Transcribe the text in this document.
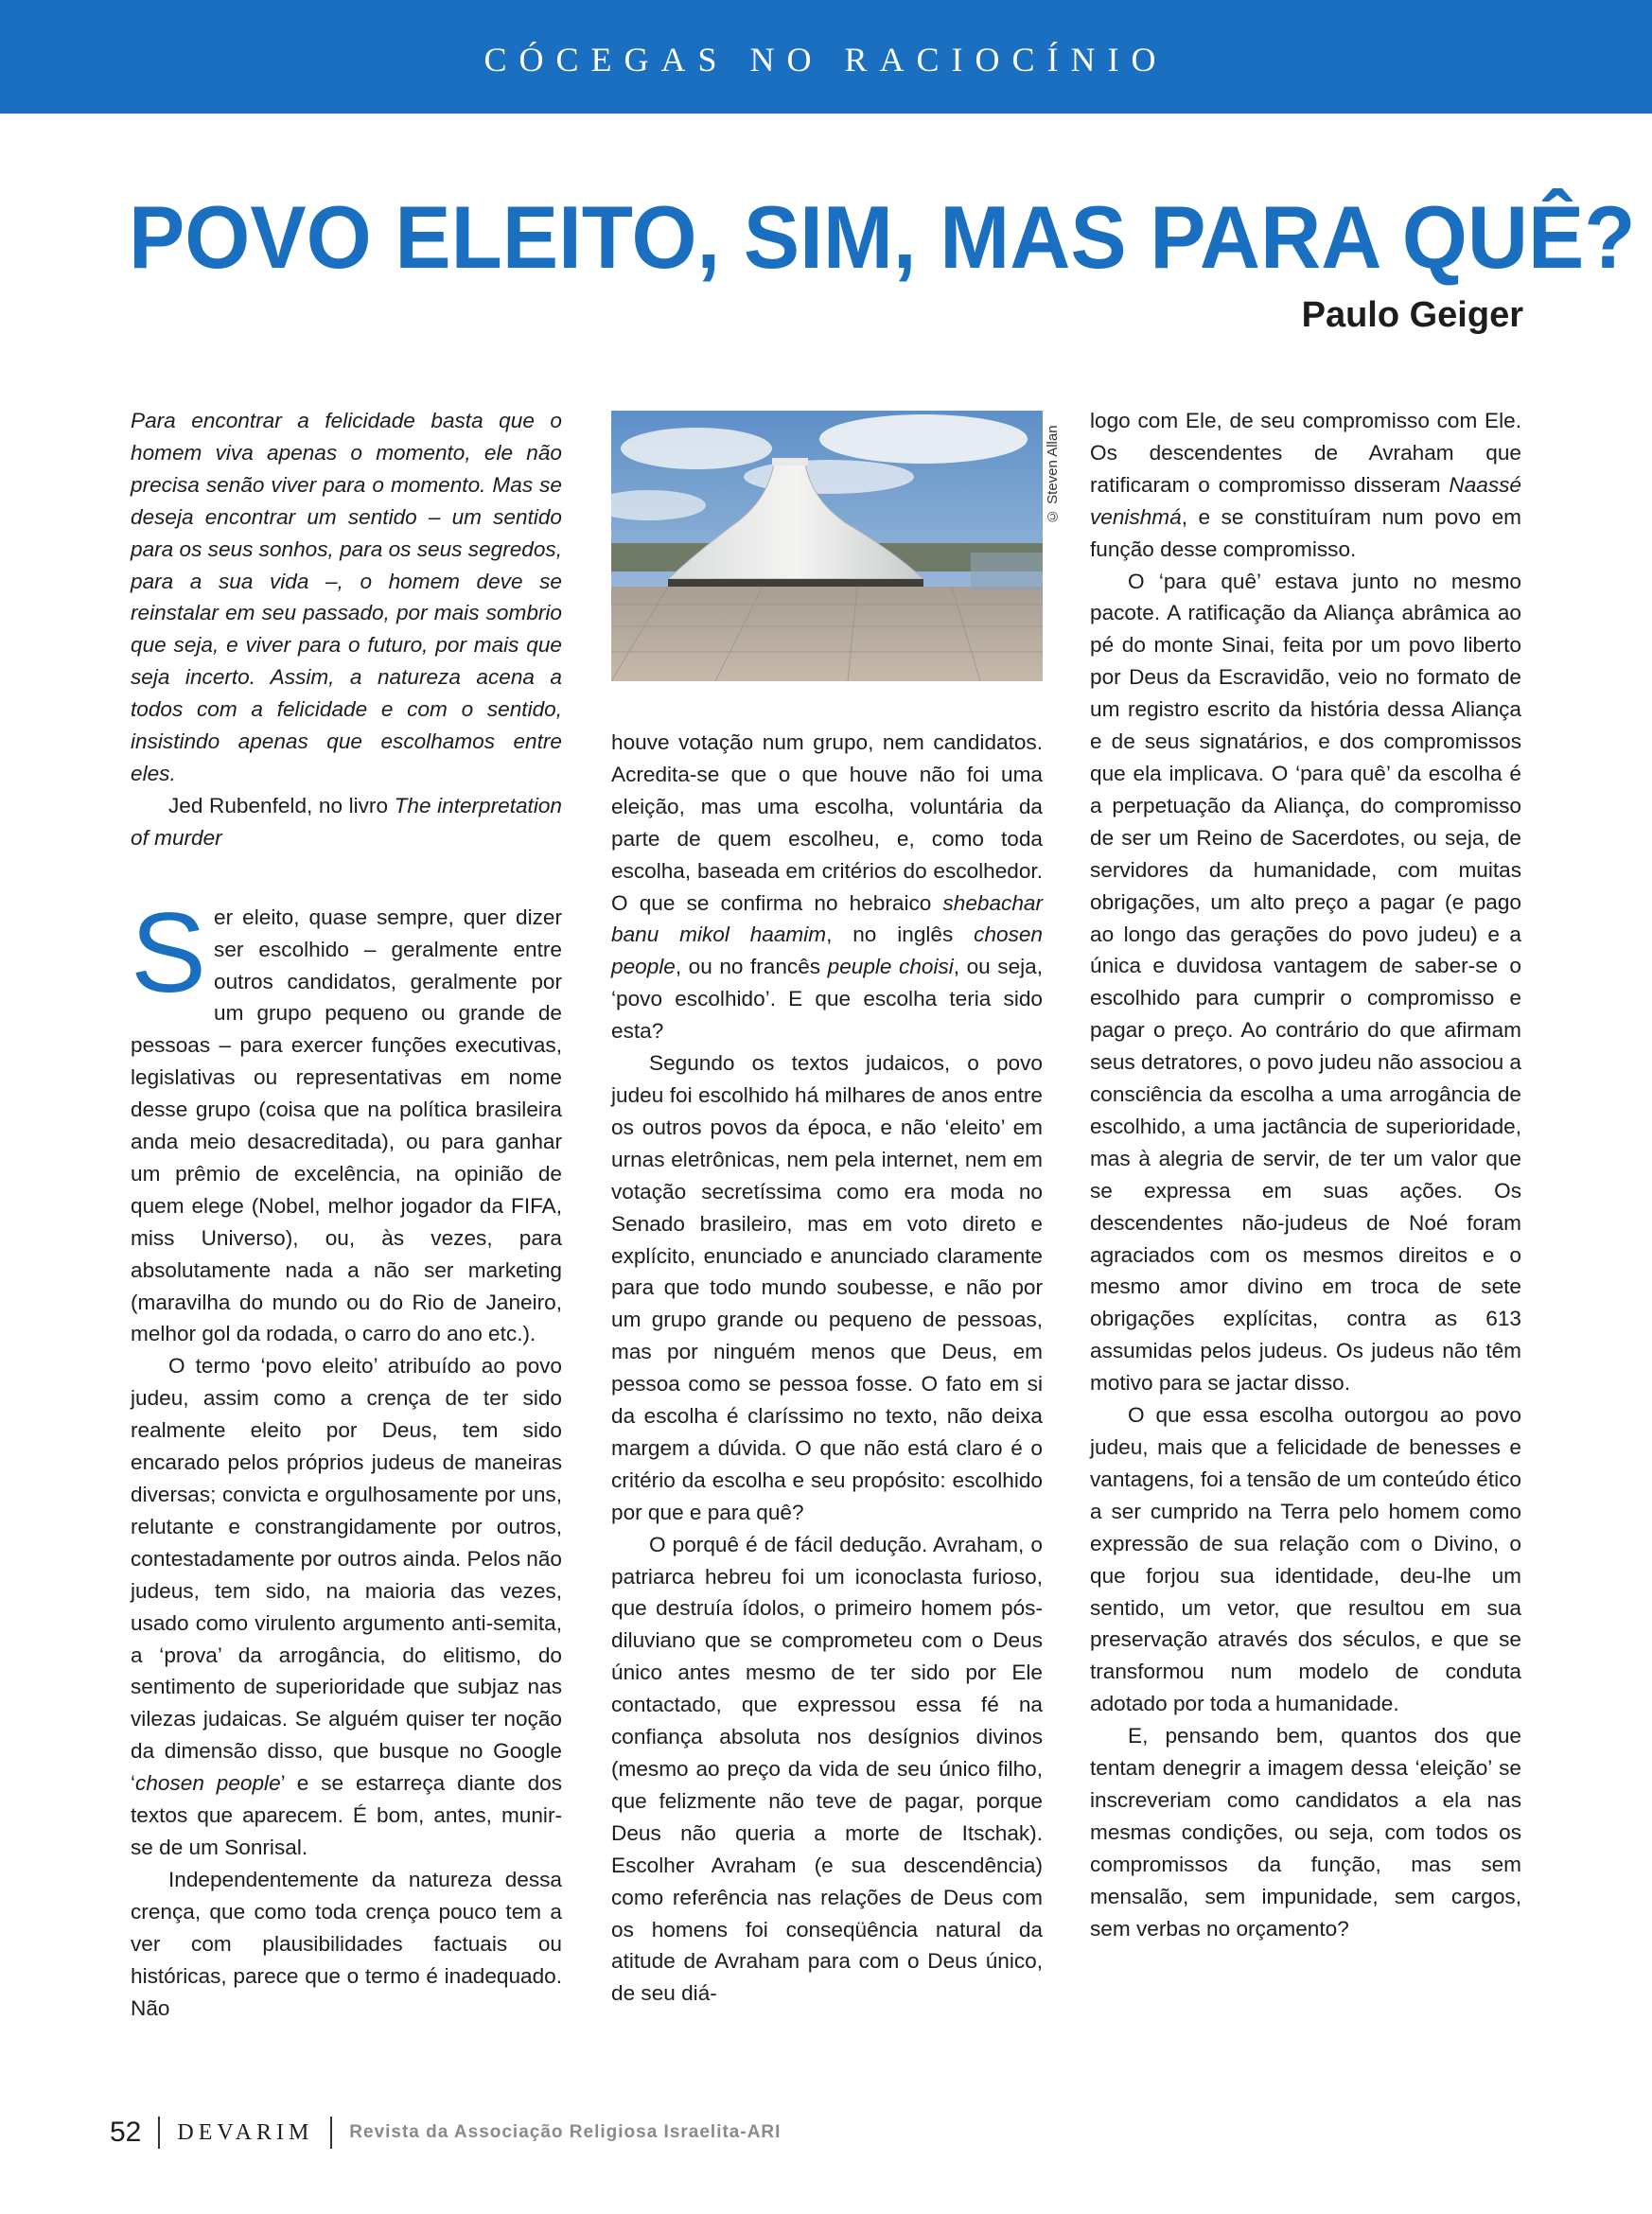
CÓCEGAS NO RACIOCÍNIO
POVO ELEITO, SIM, MAS PARA QUÊ?
Paulo Geiger

Para encontrar a felicidade basta que o homem viva apenas o momento, ele não precisa senão viver para o momento. Mas se deseja encontrar um sentido – um sentido para os seus sonhos, para os seus segredos, para a sua vida –, o homem deve se reinstalar em seu passado, por mais sombrio que seja, e viver para o futuro, por mais que seja incerto. Assim, a natureza acena a todos com a felicidade e com o sentido, insistindo apenas que escolhamos entre eles.

Jed Rubenfeld, no livro The interpretation of murder

Ser eleito, quase sempre, quer dizer ser escolhido – geralmente entre outros candidatos, geralmente por um grupo pequeno ou grande de pessoas – para exercer funções executivas, legislativas ou representativas em nome desse grupo (coisa que na política brasileira anda meio desacreditada), ou para ganhar um prêmio de excelência, na opinião de quem elege (Nobel, melhor jogador da FIFA, miss Universo), ou, às vezes, para absolutamente nada a não ser marketing (maravilha do mundo ou do Rio de Janeiro, melhor gol da rodada, o carro do ano etc.).

O termo ‘povo eleito’ atribuído ao povo judeu, assim como a crença de ter sido realmente eleito por Deus, tem sido encarado pelos próprios judeus de maneiras diversas; convicta e orgulhosamente por uns, relutante e constrangidamente por outros, contestadamente por outros ainda. Pelos não judeus, tem sido, na maioria das vezes, usado como virulento argumento anti-semita, a ‘prova’ da arrogância, do elitismo, do sentimento de superioridade que subjaz nas vilezas judaicas. Se alguém quiser ter noção da dimensão disso, que busque no Google ‘chosen people’ e se estarreça diante dos textos que aparecem. É bom, antes, munir-se de um Sonrisal.

Independentemente da natureza dessa crença, que como toda crença pouco tem a ver com plausibilidades factuais ou históricas, parece que o termo é inadequado. Não

© Steven Allan

houve votação num grupo, nem candidatos. Acredita-se que o que houve não foi uma eleição, mas uma escolha, voluntária da parte de quem escolheu, e, como toda escolha, baseada em critérios do escolhedor. O que se confirma no hebraico shebachar banu mikol haamim, no inglês chosen people, ou no francês peuple choisi, ou seja, ‘povo escolhido’. E que escolha teria sido esta?

Segundo os textos judaicos, o povo judeu foi escolhido há milhares de anos entre os outros povos da época, e não ‘eleito’ em urnas eletrônicas, nem pela internet, nem em votação secretíssima como era moda no Senado brasileiro, mas em voto direto e explícito, enunciado e anunciado claramente para que todo mundo soubesse, e não por um grupo grande ou pequeno de pessoas, mas por ninguém menos que Deus, em pessoa como se pessoa fosse. O fato em si da escolha é claríssimo no texto, não deixa margem a dúvida. O que não está claro é o critério da escolha e seu propósito: escolhido por que e para quê?

O porquê é de fácil dedução. Avraham, o patriarca hebreu foi um iconoclasta furioso, que destruía ídolos, o primeiro homem pós-diluviano que se comprometeu com o Deus único antes mesmo de ter sido por Ele contactado, que expressou essa fé na confiança absoluta nos desígnios divinos (mesmo ao preço da vida de seu único filho, que felizmente não teve de pagar, porque Deus não queria a morte de Itschak). Escolher Avraham (e sua descendência) como referência nas relações de Deus com os homens foi conseqüência natural da atitude de Avraham para com o Deus único, de seu diá-

logo com Ele, de seu compromisso com Ele. Os descendentes de Avraham que ratificaram o compromisso disseram Naassé venishmá, e se constituíram num povo em função desse compromisso.

O ‘para quê’ estava junto no mesmo pacote. A ratificação da Aliança abrâmica ao pé do monte Sinai, feita por um povo liberto por Deus da Escravidão, veio no formato de um registro escrito da história dessa Aliança e de seus signatários, e dos compromissos que ela implicava. O ‘para quê’ da escolha é a perpetuação da Aliança, do compromisso de ser um Reino de Sacerdotes, ou seja, de servidores da humanidade, com muitas obrigações, um alto preço a pagar (e pago ao longo das gerações do povo judeu) e a única e duvidosa vantagem de saber-se o escolhido para cumprir o compromisso e pagar o preço. Ao contrário do que afirmam seus detratores, o povo judeu não associou a consciência da escolha a uma arrogância de escolhido, a uma jactância de superioridade, mas à alegria de servir, de ter um valor que se expressa em suas ações. Os descendentes não-judeus de Noé foram agraciados com os mesmos direitos e o mesmo amor divino em troca de sete obrigações explícitas, contra as 613 assumidas pelos judeus. Os judeus não têm motivo para se jactar disso.

O que essa escolha outorgou ao povo judeu, mais que a felicidade de benesses e vantagens, foi a tensão de um conteúdo ético a ser cumprido na Terra pelo homem como expressão de sua relação com o Divino, o que forjou sua identidade, deu-lhe um sentido, um vetor, que resultou em sua preservação através dos séculos, e que se transformou num modelo de conduta adotado por toda a humanidade.

E, pensando bem, quantos dos que tentam denegrir a imagem dessa ‘eleição’ se inscreveriam como candidatos a ela nas mesmas condições, ou seja, com todos os compromissos da função, mas sem mensalão, sem impunidade, sem cargos, sem verbas no orçamento?

52 DEVARIM Revista da Associação Religiosa Israelita-ARI
